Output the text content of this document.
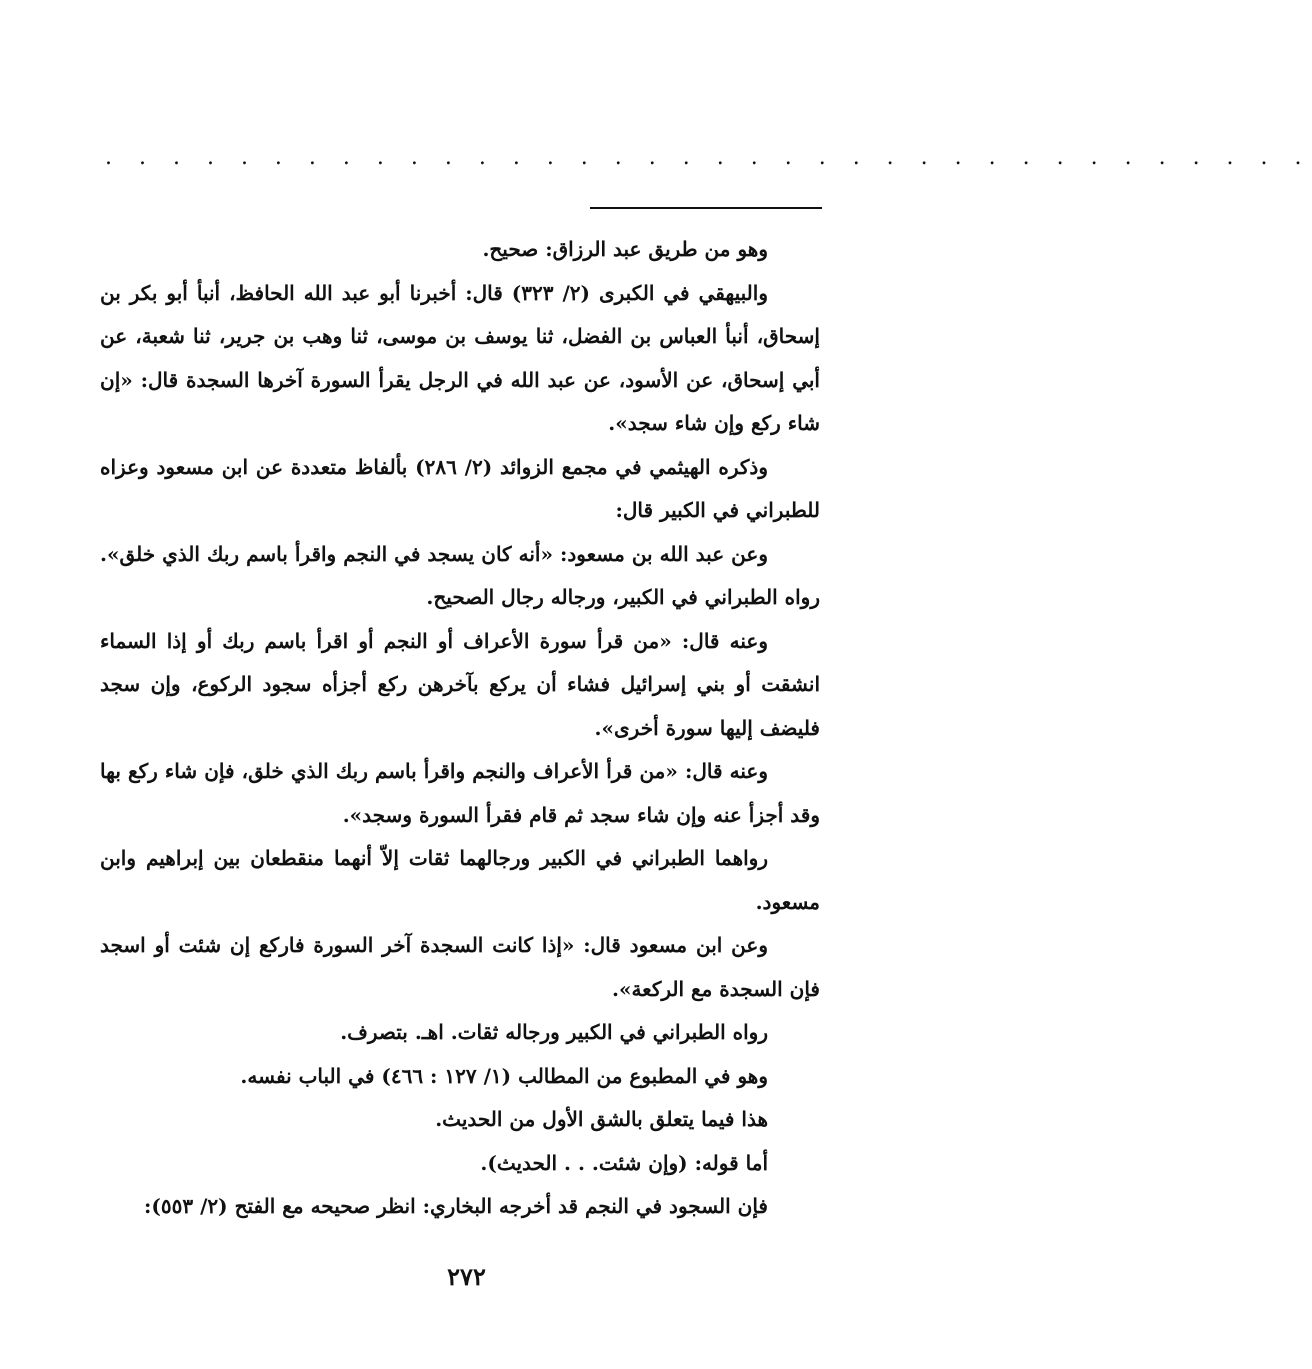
. . . . . . . . . . . . . . . . . . . . . . . . . . . . . . . . . . . .

وهو من طريق عبد الرزاق: صحيح.

والبيهقي في الكبرى (٢/ ٣٢٣) قال: أخبرنا أبو عبد الله الحافظ، أنبأ أبو بكر بن إسحاق، أنبأ العباس بن الفضل، ثنا يوسف بن موسى، ثنا وهب بن جرير، ثنا شعبة، عن أبي إسحاق، عن الأسود، عن عبد الله في الرجل يقرأ السورة آخرها السجدة قال: «إن شاء ركع وإن شاء سجد».

وذكره الهيثمي في مجمع الزوائد (٢/ ٢٨٦) بألفاظ متعددة عن ابن مسعود وعزاه للطبراني في الكبير قال:

وعن عبد الله بن مسعود: «أنه كان يسجد في النجم واقرأ باسم ربك الذي خلق». رواه الطبراني في الكبير، ورجاله رجال الصحيح.

وعنه قال: «من قرأ سورة الأعراف أو النجم أو اقرأ باسم ربك أو إذا السماء انشقت أو بني إسرائيل فشاء أن يركع بآخرهن ركع أجزأه سجود الركوع، وإن سجد فليضف إليها سورة أخرى».

وعنه قال: «من قرأ الأعراف والنجم واقرأ باسم ربك الذي خلق، فإن شاء ركع بها وقد أجزأ عنه وإن شاء سجد ثم قام فقرأ السورة وسجد».

رواهما الطبراني في الكبير ورجالهما ثقات إلاّ أنهما منقطعان بين إبراهيم وابن مسعود.

وعن ابن مسعود قال: «إذا كانت السجدة آخر السورة فاركع إن شئت أو اسجد فإن السجدة مع الركعة».

رواه الطبراني في الكبير ورجاله ثقات. اهـ. بتصرف.

وهو في المطبوع من المطالب (١/ ١٢٧ : ٤٦٦) في الباب نفسه.

هذا فيما يتعلق بالشق الأول من الحديث.

أما قوله: (وإن شئت. . . الحديث).

فإن السجود في النجم قد أخرجه البخاري: انظر صحيحه مع الفتح (٢/ ٥٥٣):

٢٧٢
